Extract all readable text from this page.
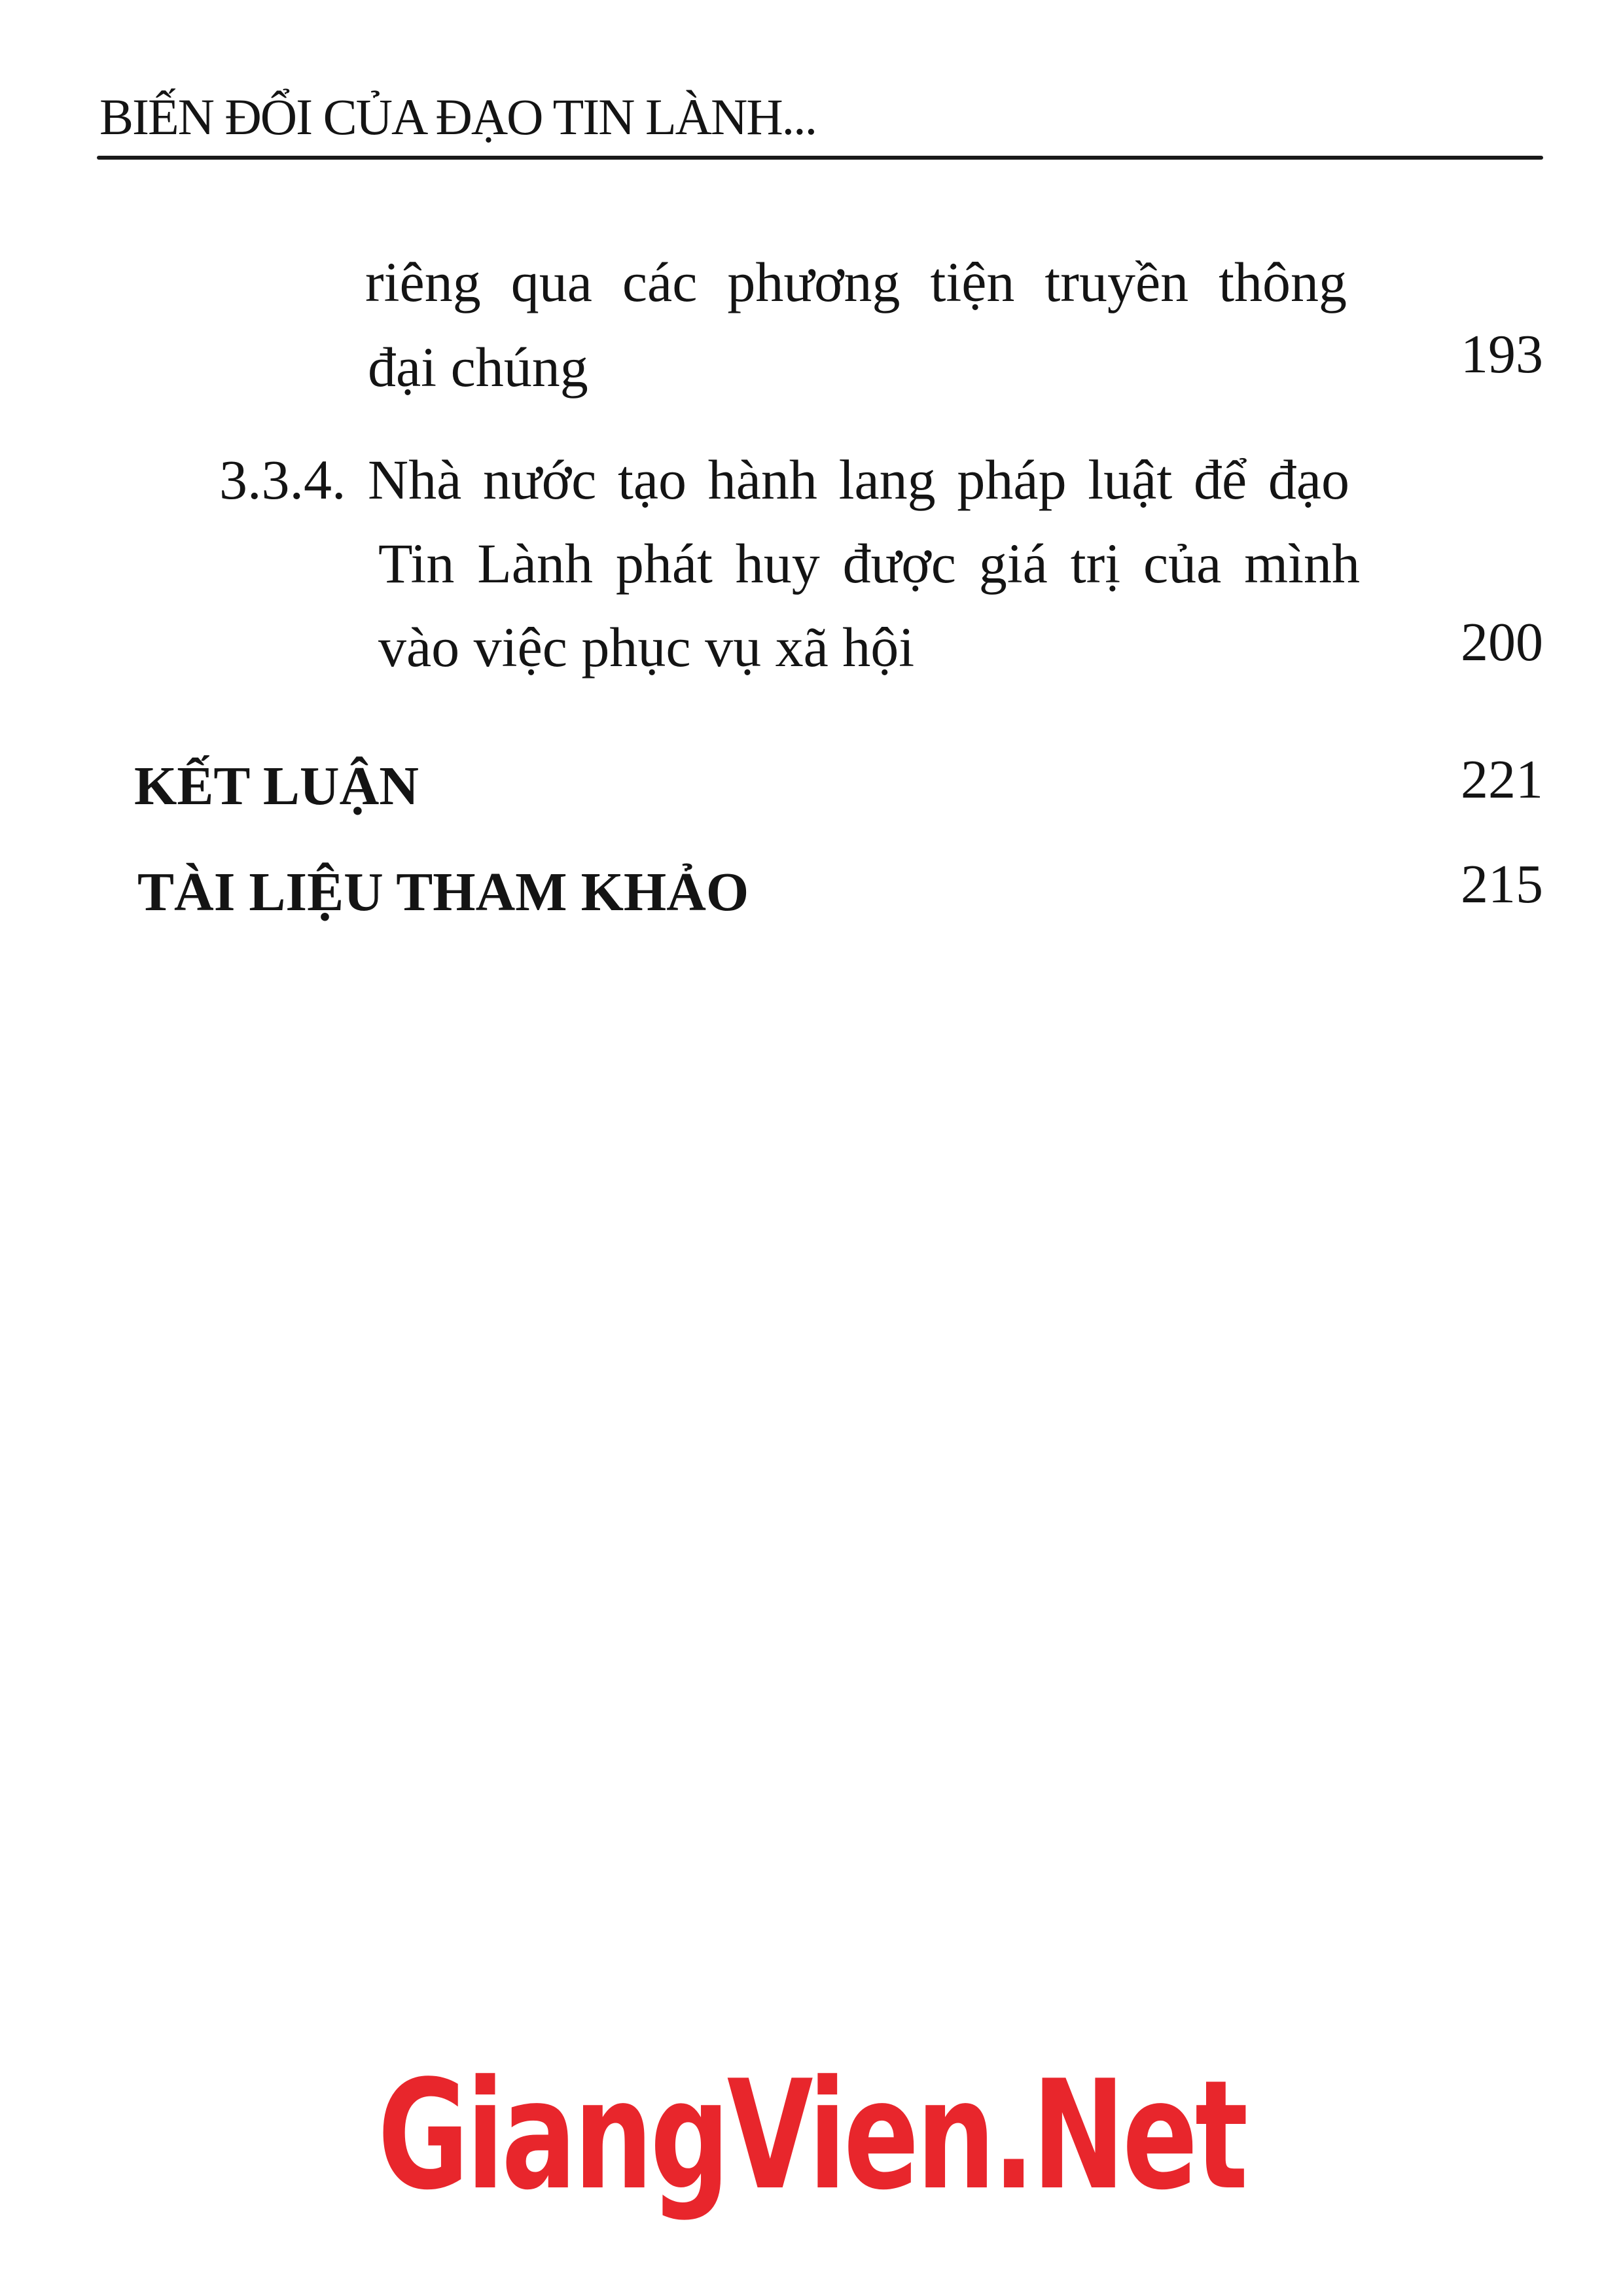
BIẾN ĐỔI CỦA ĐẠO TIN LÀNH...
riêng qua các phương tiện truyền thông
đại chúng	193
3.3.4. Nhà nước tạo hành lang pháp luật để đạo
Tin Lành phát huy được giá trị của mình
vào việc phục vụ xã hội	200
KẾT LUẬN	221
TÀI LIỆU THAM KHẢO	215
GiangVien.Net
